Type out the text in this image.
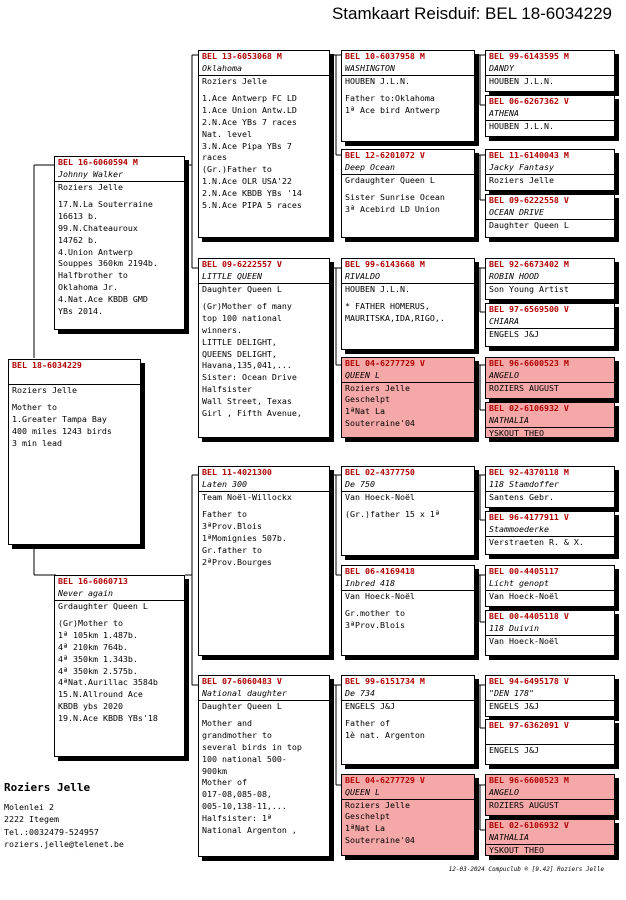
Stamkaart Reisduif: BEL 18-6034229
BEL 18-6034229

Roziers Jelle
Mother to
1.Greater Tampa Bay
400 miles 1243 birds
3 min lead
BEL 16-6060594 M
Johnny Walker
Roziers Jelle
17.N.La Souterraine
16613 b.
99.N.Chateauroux
14762 b.
4.Union Antwerp
Souppes 360km 2194b.
Halfbrother to
Oklahoma Jr.
4.Nat.Ace KBDB GMD
YBs 2014.
BEL 16-6060713
Never again
Grdaughter Queen L
(Gr)Mother to
1ª 105km 1.487b.
4ª 210km 764b.
4ª 350km 1.343b.
4ª 350km 2.575b.
4ªNat.Aurillac 3584b
15.N.Allround Ace
KBDB ybs 2020
19.N.Ace KBDB YBs'18
BEL 13-6053068 M
Oklahoma
Roziers Jelle
1.Ace Antwerp FC LD
1.Ace Union Antw.LD
2.N.Ace YBs 7 races
Nat. level
3.N.Ace Pipa YBs 7
races
(Gr.)Father to
1.N.Ace OLR USA'22
2.N.Ace KBDB YBs '14
5.N.Ace PIPA 5 races
BEL 09-6222557 V
LITTLE QUEEN
Daughter Queen L
(Gr)Mother of many
top 100 national
winners.
LITTLE DELIGHT,
QUEENS DELIGHT,
Havana,135,041,...
Sister: Ocean Drive
Halfsister
Wall Street, Texas
Girl , Fifth Avenue,
BEL 11-4021300
Laten 300
Team Noël-Willockx
Father to
3ªProv.Blois
1ªMomignies 507b.
Gr.father to
2ªProv.Bourges
BEL 07-6060483 V
National daughter
Daughter Queen L
Mother and
grandmother to
several birds in top
100 national 500-
900km
Mother of
017-08,085-08,
005-10,138-11,...
Halfsister: 1ª
National Argenton ,
BEL 10-6037958 M
WASHINGTON
HOUBEN J.L.N.
Father to:Oklahoma
1ª Ace bird Antwerp
BEL 12-6201072 V
Deep Ocean
Grdaughter Queen L
Sister Sunrise Ocean
3ª Acebird LD Union
BEL 99-6143668 M
RIVALDO
HOUBEN J.L.N.
* FATHER HOMERUS,
MAURITSKA,IDA,RIGO,.
BEL 04-6277729 V
QUEEN L
Roziers Jelle
Geschelpt
1ªNat La
Souterraine'04
BEL 02-4377750
De 750
Van Hoeck-Noël
(Gr.)father 15 x 1ª
BEL 06-4169418
Inbred 418
Van Hoeck-Noël
Gr.mother to
3ªProv.Blois
BEL 99-6151734 M
De 734
ENGELS J&J
Father of
1è nat. Argenton
BEL 04-6277729 V
QUEEN L
Roziers Jelle
Geschelpt
1ªNat La
Souterraine'04
BEL 99-6143595 M
DANDY
HOUBEN J.L.N.
BEL 06-6267362 V
ATHENA
HOUBEN J.L.N.
BEL 11-6140043 M
Jacky Fantasy
Roziers Jelle
BEL 09-6222558 V
OCEAN DRIVE
Daughter Queen L
BEL 92-6673402 M
ROBIN HOOD
Son Young Artist
BEL 97-6569500 V
CHIARA
ENGELS J&J
BEL 96-6600523 M
ANGELO
ROZIERS AUGUST
BEL 02-6106932 V
NATHALIA
YSKOUT THEO
BEL 92-4370118 M
118 Stamdoffer
Santens Gebr.
BEL 96-4177911 V
Stammoederke
Verstraeten R. & X.
BEL 00-4405117
Licht genopt
Van Hoeck-Noël
BEL 00-4405118 V
118 Duivin
Van Hoeck-Noël
BEL 94-6495178 V
"DEN 178"
ENGELS J&J
BEL 97-6362091 V

ENGELS J&J
BEL 96-6600523 M
ANGELO
ROZIERS AUGUST
BEL 02-6106932 V
NATHALIA
YSKOUT THEO
Roziers Jelle
Molenlei 2
2222 Itegem
Tel.:0032479-524957
roziers.jelle@telenet.be
12-03-2024 Compuclub ® [9.42] Roziers Jelle
